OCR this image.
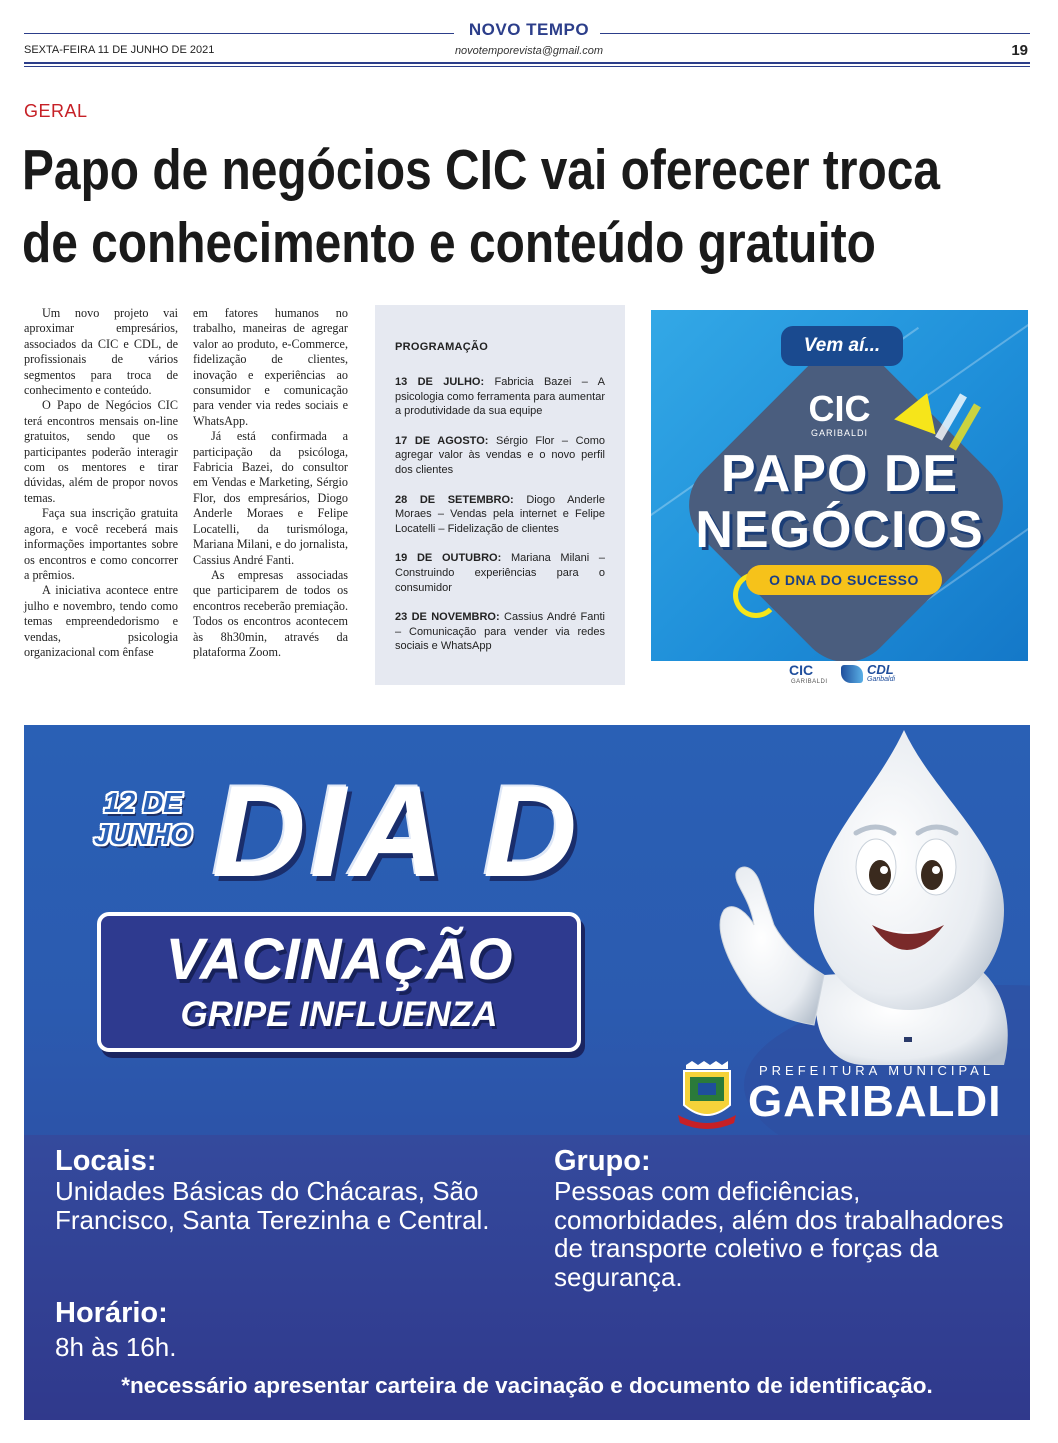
NOVO TEMPO
SEXTA-FEIRA 11 DE JUNHO DE 2021	novotemporevista@gmail.com	19
GERAL
Papo de negócios CIC vai oferecer troca
de conhecimento e conteúdo gratuito

Um novo projeto vai aproximar empresários, associados da CIC e CDL, de profissionais de vários segmentos para troca de conhecimento e conteúdo.

O Papo de Negócios CIC terá encontros mensais on-line gratuitos, sendo que os participantes poderão interagir com os mentores e tirar dúvidas, além de propor novos temas.

Faça sua inscrição gratuita agora, e você receberá mais informações importantes sobre os encontros e como concorrer a prêmios.

A iniciativa acontece entre julho e novembro, tendo como temas empreendedorismo e vendas, psicologia organizacional com ênfase

em fatores humanos no trabalho, maneiras de agregar valor ao produto, e-Commerce, fidelização de clientes, inovação e experiências ao consumidor e comunicação para vender via redes sociais e WhatsApp.

Já está confirmada a participação da psicóloga, Fabricia Bazei, do consultor em Vendas e Marketing, Sérgio Flor, dos empresários, Diogo Anderle Moraes e Felipe Locatelli, da turismóloga, Mariana Milani, e do jornalista, Cassius André Fanti.

As empresas associadas que participarem de todos os encontros receberão premiação. Todos os encontros acontecem às 8h30min, através da plataforma Zoom.

PROGRAMAÇÃO
13 DE JULHO: Fabricia Bazei – A psicologia como ferramenta para aumentar a produtividade da sua equipe
17 DE AGOSTO: Sérgio Flor – Como agregar valor às vendas e o novo perfil dos clientes
28 DE SETEMBRO: Diogo Anderle Moraes – Vendas pela internet e Felipe Locatelli – Fidelização de clientes
19 DE OUTUBRO: Mariana Milani – Construindo experiências para o consumidor
23 DE NOVEMBRO: Cassius André Fanti – Comunicação para vender via redes sociais e WhatsApp
Vem aí...
CIC
GARIBALDI
PAPO DE
NEGÓCIOS
O DNA DO SUCESSO
CIC
GARIBALDI
CDL
Garibaldi
12 DE JUNHO DIA D
VACINAÇÃO
GRIPE INFLUENZA
PREFEITURA MUNICIPAL
GARIBALDI
Locais:
Unidades Básicas do Chácaras, São Francisco, Santa Terezinha e Central.
Horário:
8h às 16h.
Grupo:
Pessoas com deficiências, comorbidades, além dos trabalhadores de transporte coletivo e forças da segurança.
*necessário apresentar carteira de vacinação e documento de identificação.
